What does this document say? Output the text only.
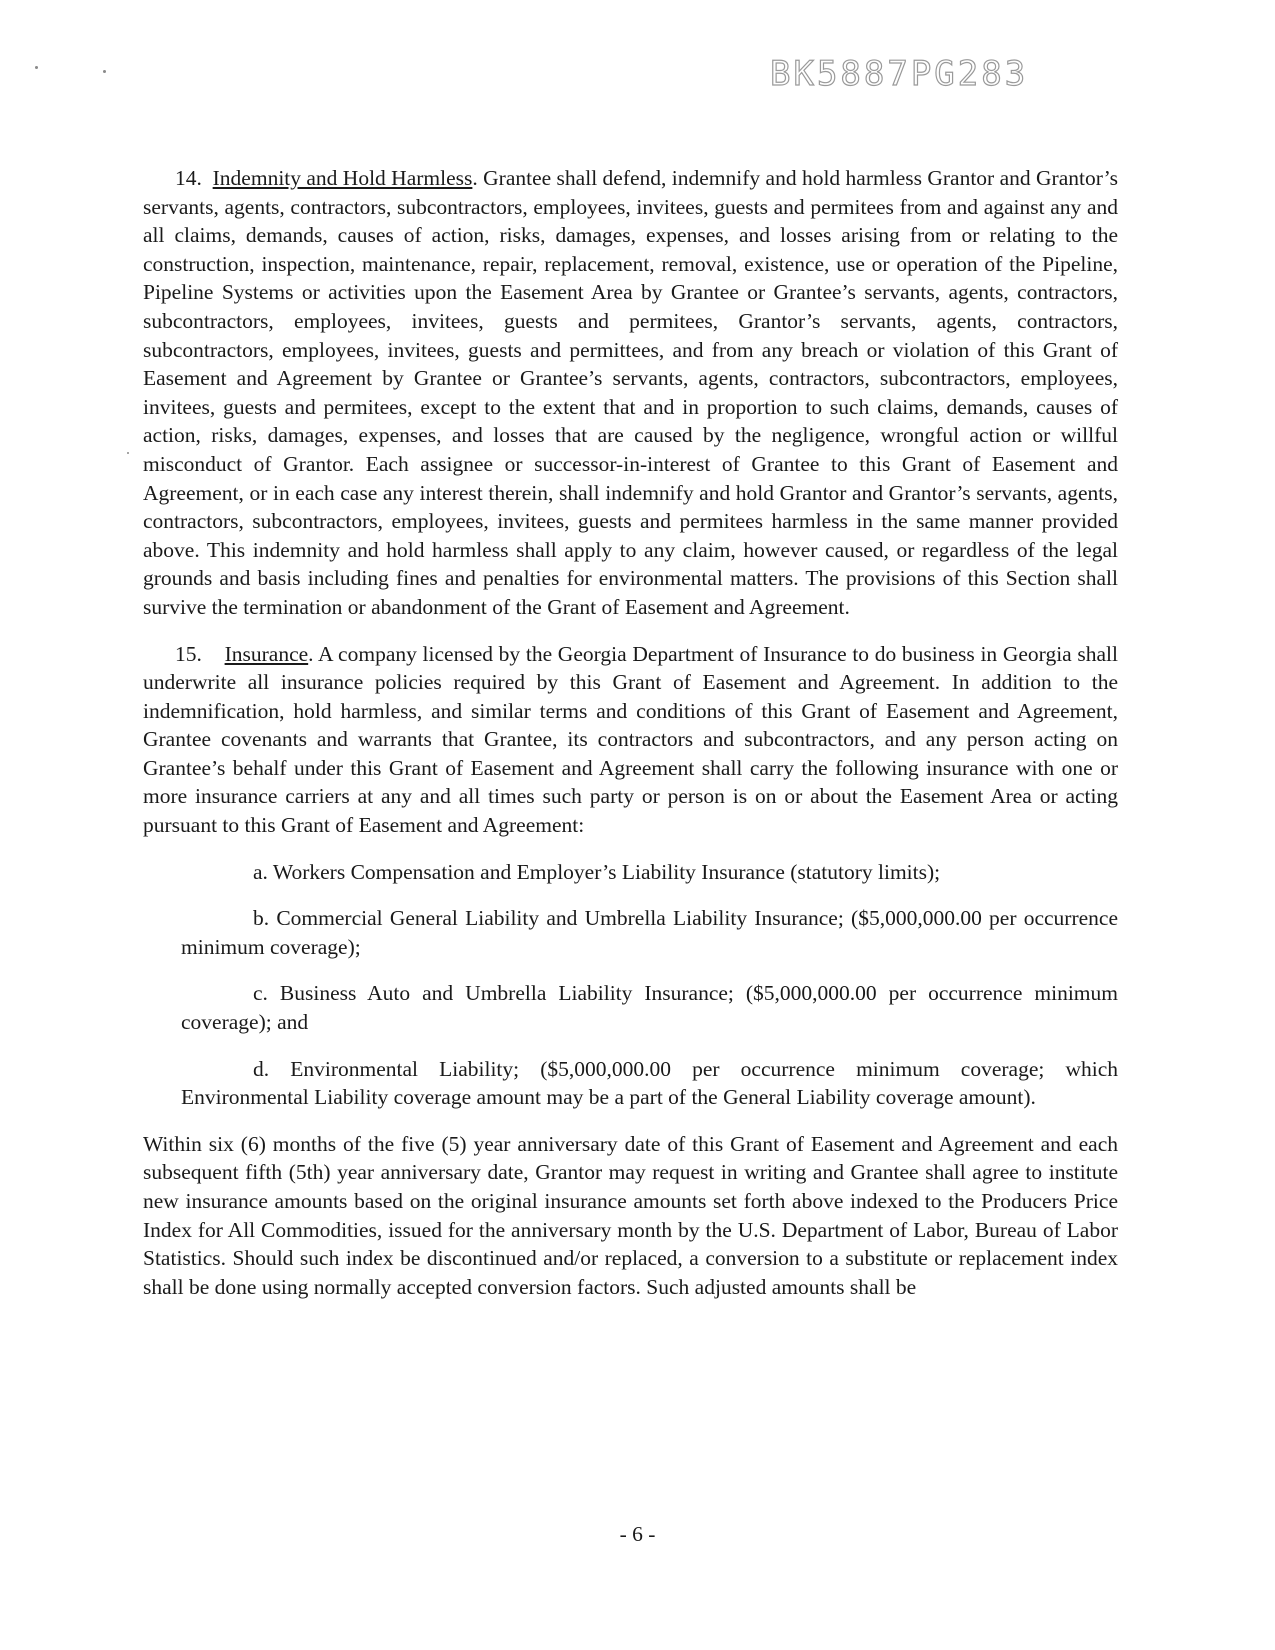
BK5887PG283

14. Indemnity and Hold Harmless. Grantee shall defend, indemnify and hold harmless Grantor and Grantor’s servants, agents, contractors, subcontractors, employees, invitees, guests and permitees from and against any and all claims, demands, causes of action, risks, damages, expenses, and losses arising from or relating to the construction, inspection, maintenance, repair, replacement, removal, existence, use or operation of the Pipeline, Pipeline Systems or activities upon the Easement Area by Grantee or Grantee’s servants, agents, contractors, subcontractors, employees, invitees, guests and permitees, Grantor’s servants, agents, contractors, subcontractors, employees, invitees, guests and permittees, and from any breach or violation of this Grant of Easement and Agreement by Grantee or Grantee’s servants, agents, contractors, subcontractors, employees, invitees, guests and permitees, except to the extent that and in proportion to such claims, demands, causes of action, risks, damages, expenses, and losses that are caused by the negligence, wrongful action or willful misconduct of Grantor. Each assignee or successor-in-interest of Grantee to this Grant of Easement and Agreement, or in each case any interest therein, shall indemnify and hold Grantor and Grantor’s servants, agents, contractors, subcontractors, employees, invitees, guests and permitees harmless in the same manner provided above. This indemnity and hold harmless shall apply to any claim, however caused, or regardless of the legal grounds and basis including fines and penalties for environmental matters. The provisions of this Section shall survive the termination or abandonment of the Grant of Easement and Agreement.

15. Insurance. A company licensed by the Georgia Department of Insurance to do business in Georgia shall underwrite all insurance policies required by this Grant of Easement and Agreement. In addition to the indemnification, hold harmless, and similar terms and conditions of this Grant of Easement and Agreement, Grantee covenants and warrants that Grantee, its contractors and subcontractors, and any person acting on Grantee’s behalf under this Grant of Easement and Agreement shall carry the following insurance with one or more insurance carriers at any and all times such party or person is on or about the Easement Area or acting pursuant to this Grant of Easement and Agreement:

a. Workers Compensation and Employer’s Liability Insurance (statutory limits);

b. Commercial General Liability and Umbrella Liability Insurance; ($5,000,000.00 per occurrence minimum coverage);

c. Business Auto and Umbrella Liability Insurance; ($5,000,000.00 per occurrence minimum coverage); and

d. Environmental Liability; ($5,000,000.00 per occurrence minimum coverage; which Environmental Liability coverage amount may be a part of the General Liability coverage amount).

Within six (6) months of the five (5) year anniversary date of this Grant of Easement and Agreement and each subsequent fifth (5th) year anniversary date, Grantor may request in writing and Grantee shall agree to institute new insurance amounts based on the original insurance amounts set forth above indexed to the Producers Price Index for All Commodities, issued for the anniversary month by the U.S. Department of Labor, Bureau of Labor Statistics. Should such index be discontinued and/or replaced, a conversion to a substitute or replacement index shall be done using normally accepted conversion factors. Such adjusted amounts shall be

- 6 -
